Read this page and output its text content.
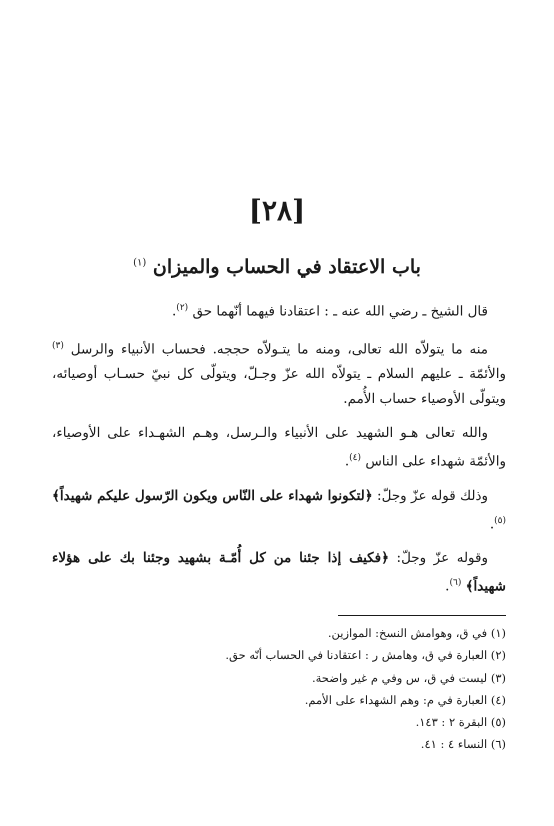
[٢٨]
باب الاعتقاد في الحساب والميزان $^{(١)}$

قال الشيخ ـ رضي الله عنه ـ : اعتقادنا فيهما أنّهما حق $^{(٢)}$.

منه ما يتولاّه الله تعالى، ومنه ما يتـولاّه حججه. فحساب الأنبياء والرسل $^{(٣)}$ والأئمّة ـ عليهم السلام ـ يتولاّه الله عزّ وجـلّ، ويتولّى كل نبيّ حسـاب أوصيائه، ويتولّى الأوصياء حساب الأُمم.

والله تعالى هـو الشهيد على الأنبياء والـرسل، وهـم الشهـداء على الأوصياء، والأئمّة شهداء على الناس $^{(٤)}$.

وذلك قوله عزّ وجلّ: ﴿لتكونوا شهداء على النّاس ويكون الرّسول عليكم شهيداً﴾ $^{(٥)}$.

وقوله عزّ وجلّ: ﴿فكيف إذا جئنا من كل أُمّـة بشهيد وجئنا بك على هؤلاء شهيداً﴾ $^{(٦)}$.

(١) في ق، وهوامش النسخ: الموازين.
(٢) العبارة في ق، وهامش ر : اعتقادنا في الحساب أنّه حق.
(٣) ليست في ق، س وفي م غير واضحة.
(٤) العبارة في م: وهم الشهداء على الأمم.
(٥) البقرة ٢ : ١٤٣.
(٦) النساء ٤ : ٤١.
